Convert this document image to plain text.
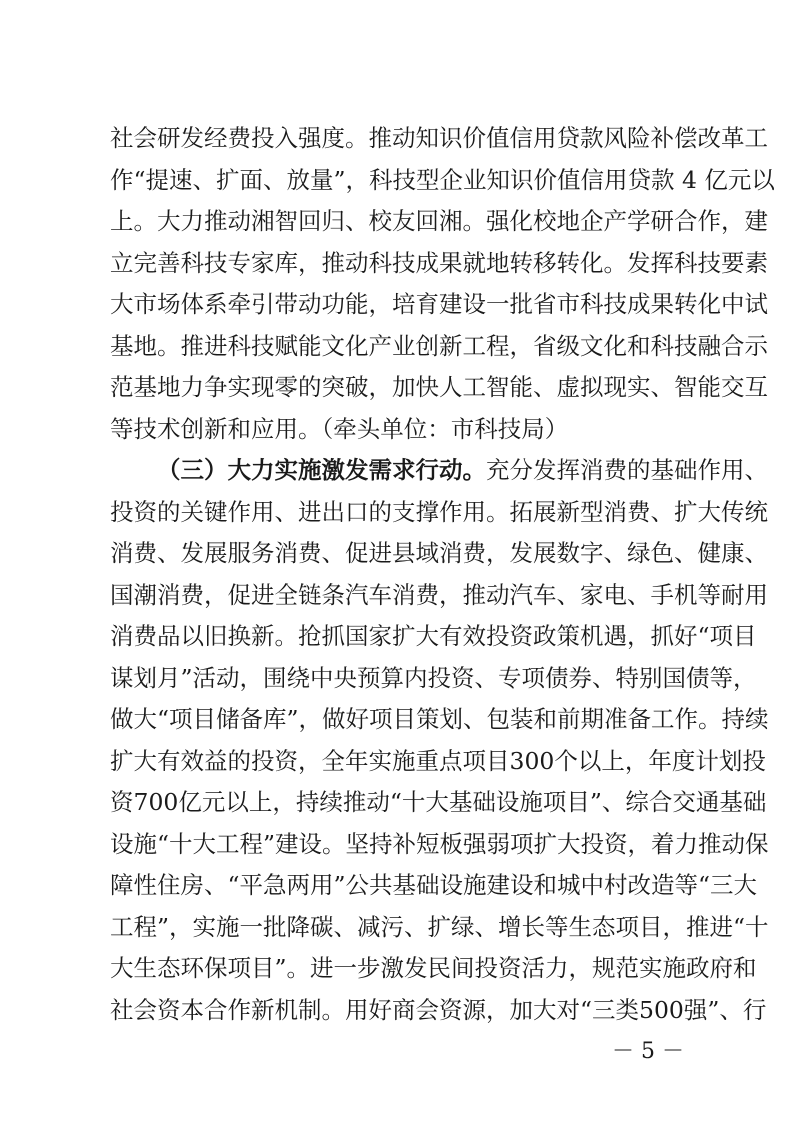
社会研发经费投入强度。推动知识价值信用贷款风险补偿改革工
作“提速、扩面、放量”，科技型企业知识价值信用贷款 4 亿元以
上。大力推动湘智回归、校友回湘。强化校地企产学研合作，建
立完善科技专家库，推动科技成果就地转移转化。发挥科技要素
大市场体系牵引带动功能，培育建设一批省市科技成果转化中试
基地。推进科技赋能文化产业创新工程，省级文化和科技融合示
范基地力争实现零的突破，加快人工智能、虚拟现实、智能交互
等技术创新和应用。（牵头单位：市科技局）
（三）大力实施激发需求行动。充分发挥消费的基础作用、
投资的关键作用、进出口的支撑作用。拓展新型消费、扩大传统
消费、发展服务消费、促进县域消费，发展数字、绿色、健康、
国潮消费，促进全链条汽车消费，推动汽车、家电、手机等耐用
消费品以旧换新。抢抓国家扩大有效投资政策机遇，抓好“项目
谋划月”活动，围绕中央预算内投资、专项债券、特别国债等，
做大“项目储备库”，做好项目策划、包装和前期准备工作。持续
扩大有效益的投资，全年实施重点项目300个以上，年度计划投
资700亿元以上，持续推动“十大基础设施项目”、综合交通基础
设施“十大工程”建设。坚持补短板强弱项扩大投资，着力推动保
障性住房、“平急两用”公共基础设施建设和城中村改造等“三大
工程”，实施一批降碳、减污、扩绿、增长等生态项目，推进“十
大生态环保项目”。进一步激发民间投资活力，规范实施政府和
－ 5 －
社会资本合作新机制。用好商会资源，加大对“三类500强”、行
